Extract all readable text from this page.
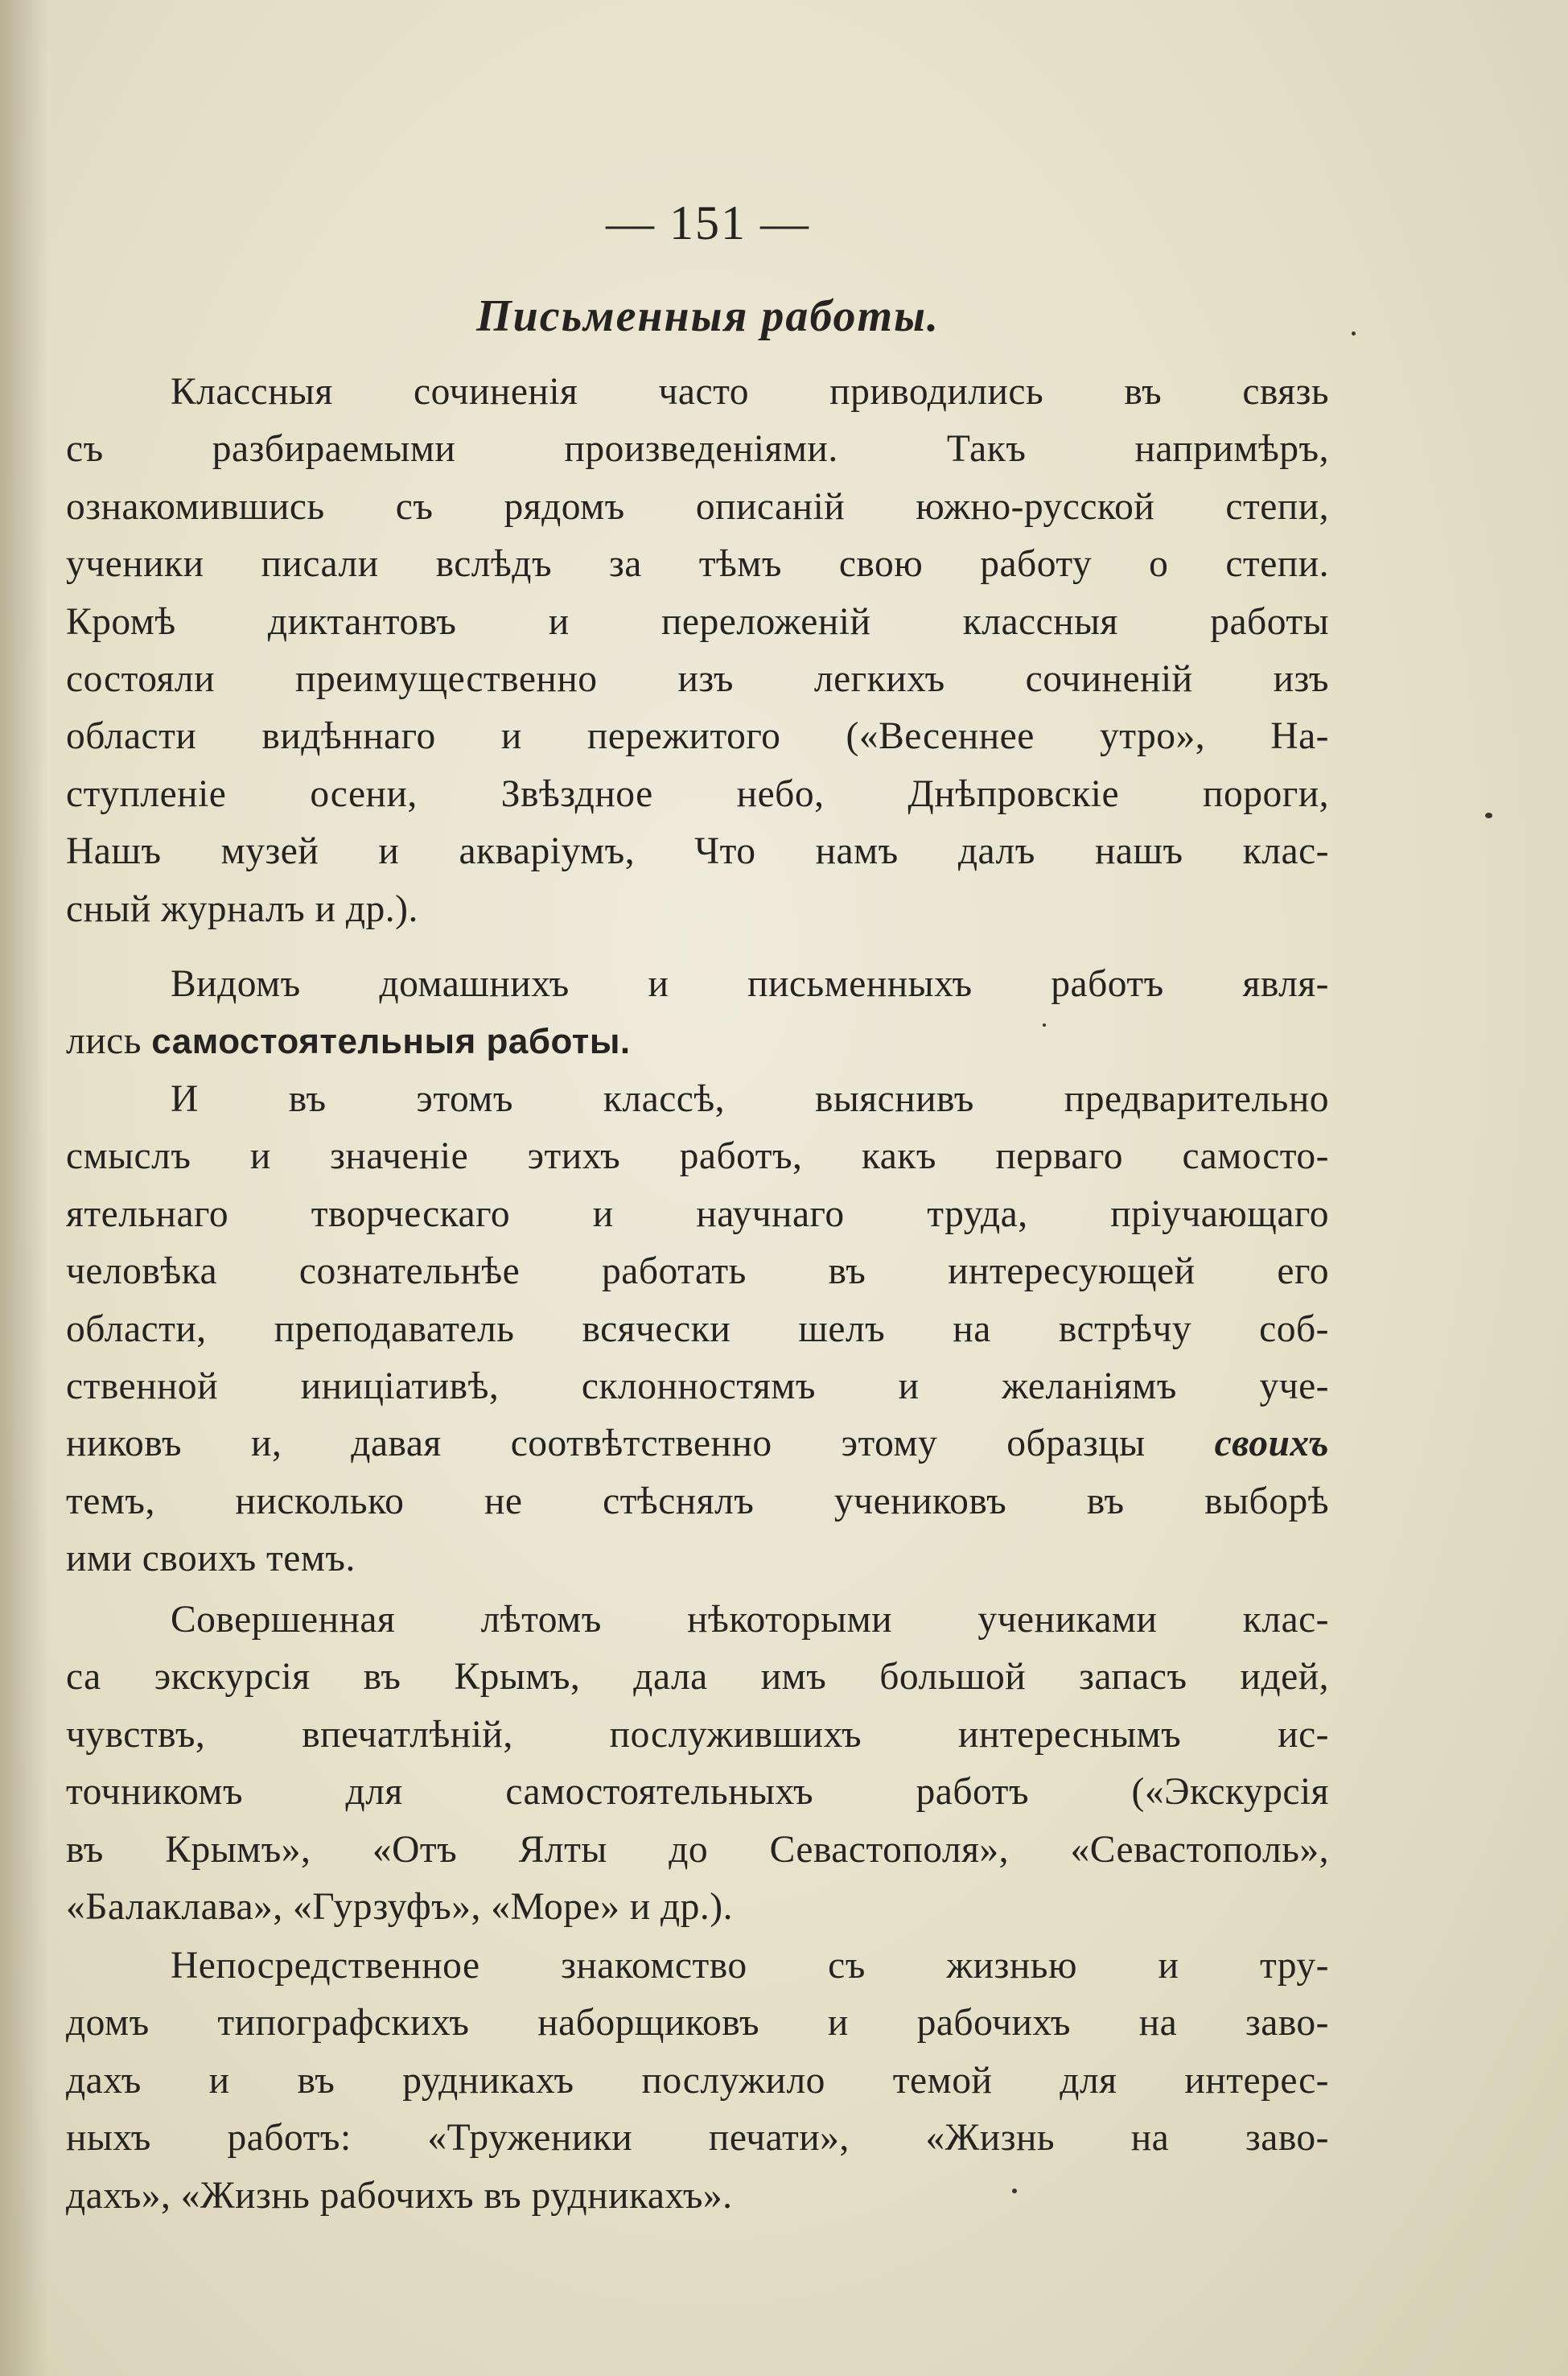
— 151 —
Письменныя работы.
Классныя сочиненія часто приводились въ связь
съ разбираемыми произведеніями. Такъ напримѣръ,
ознакомившись съ рядомъ описаній южно-русской степи,
ученики писали вслѣдъ за тѣмъ свою работу о степи.
Кромѣ диктантовъ и переложеній классныя работы
состояли преимущественно изъ легкихъ сочиненій изъ
области видѣннаго и пережитого («Весеннее утро», На-
ступленіе осени, Звѣздное небо, Днѣпровскіе пороги,
Нашъ музей и акваріумъ, Что намъ далъ нашъ клас-
сный журналъ и др.).
Видомъ домашнихъ и письменныхъ работъ явля-
лись самостоятельныя работы.
И въ этомъ классѣ, выяснивъ предварительно
смыслъ и значеніе этихъ работъ, какъ перваго самосто-
ятельнаго творческаго и научнаго труда, пріучающаго
человѣка сознательнѣе работать въ интересующей его
области, преподаватель всячески шелъ на встрѣчу соб-
ственной иниціативѣ, склонностямъ и желаніямъ уче-
никовъ и, давая соотвѣтственно этому образцы своихъ
темъ, нисколько не стѣснялъ учениковъ въ выборѣ
ими своихъ темъ.
Совершенная лѣтомъ нѣкоторыми учениками клас-
са экскурсія въ Крымъ, дала имъ большой запасъ идей,
чувствъ, впечатлѣній, послужившихъ интереснымъ ис-
точникомъ для самостоятельныхъ работъ («Экскурсія
въ Крымъ», «Отъ Ялты до Севастополя», «Севастополь»,
«Балаклава», «Гурзуфъ», «Море» и др.).
Непосредственное знакомство съ жизнью и тру-
домъ типографскихъ наборщиковъ и рабочихъ на заво-
дахъ и въ рудникахъ послужило темой для интерес-
ныхъ работъ: «Труженики печати», «Жизнь на заво-
дахъ», «Жизнь рабочихъ въ рудникахъ».
